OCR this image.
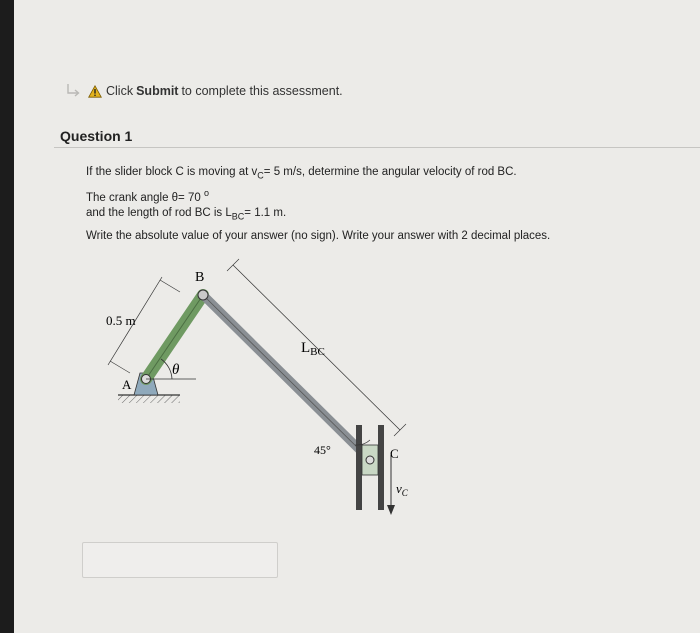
Click Submit to complete this assessment.
Question 1
If the slider block C is moving at $v_C= 5$ m/s, determine the angular velocity of rod BC.
The crank angle θ= 70 $^o$
and the length of rod BC is $L_{BC}= 1.1$ m.
Write the absolute value of your answer (no sign). Write your answer with 2 decimal places.
B
A
0.5 m
θ
$L_{BC}$
45°	C
$v_C$
